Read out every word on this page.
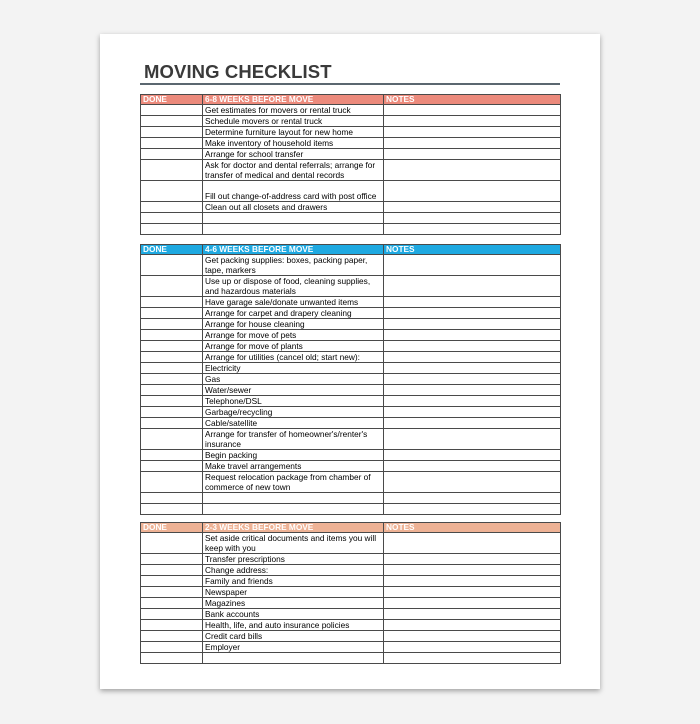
MOVING CHECKLIST
DONE	6-8 WEEKS BEFORE MOVE	NOTES
	Get estimates for movers or rental truck	
	Schedule movers or rental truck	
	Determine furniture layout for new home	
	Make inventory of household items	
	Arrange for school transfer	
	Ask for doctor and dental referrals; arrange for transfer of medical and dental records	
	Fill out change-of-address card with post office	
	Clean out all closets and drawers	

DONE	4-6 WEEKS BEFORE MOVE	NOTES
	Get packing supplies: boxes, packing paper, tape, markers	
	Use up or dispose of food, cleaning supplies, and hazardous materials	
	Have garage sale/donate unwanted items	
	Arrange for carpet and drapery cleaning	
	Arrange for house cleaning	
	Arrange for move of pets	
	Arrange for move of plants	
	Arrange for utilities (cancel old; start new):	
	Electricity	
	Gas	
	Water/sewer	
	Telephone/DSL	
	Garbage/recycling	
	Cable/satellite	
	Arrange for transfer of homeowner's/renter's insurance	
	Begin packing	
	Make travel arrangements	
	Request relocation package from chamber of commerce of new town	

DONE	2-3 WEEKS BEFORE MOVE	NOTES
	Set aside critical documents and items you will keep with you	
	Transfer prescriptions	
	Change address:	
	Family and friends	
	Newspaper	
	Magazines	
	Bank accounts	
	Health, life, and auto insurance policies	
	Credit card bills	
	Employer	
